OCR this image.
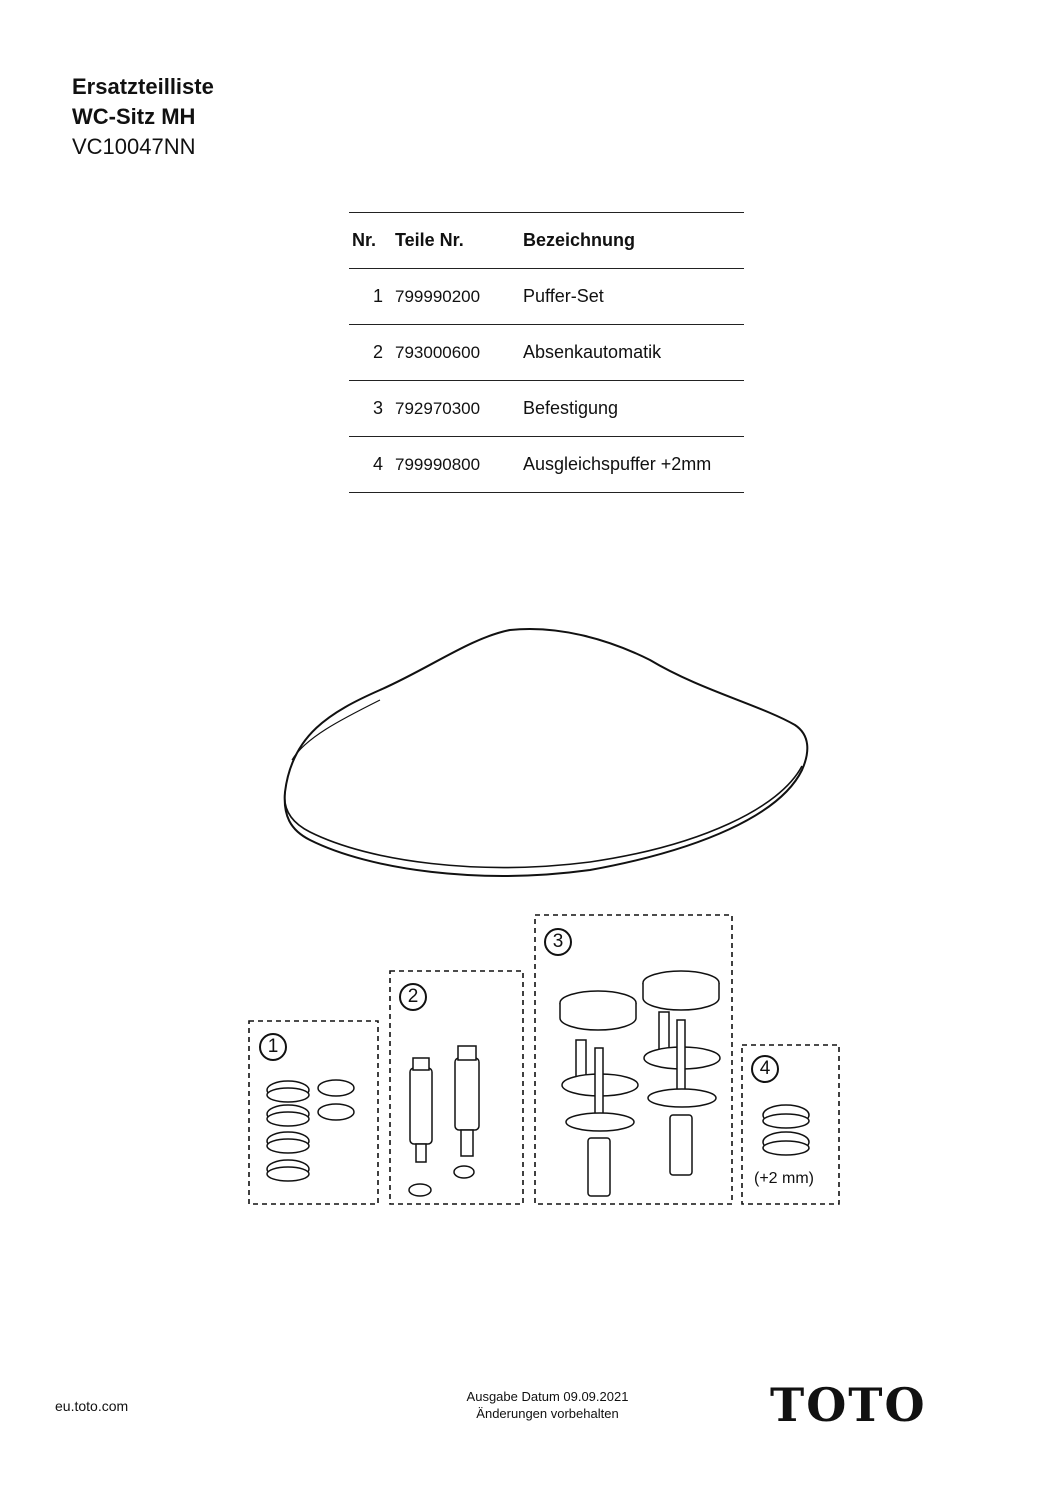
Ersatzteilliste
WC-Sitz MH
VC10047NN
Nr.	Teile Nr.	Bezeichnung
1	799990200	Puffer-Set
2	793000600	Absenkautomatik
3	792970300	Befestigung
4	799990800	Ausgleichspuffer +2mm
1
2
3
4
(+2 mm)
eu.toto.com
Ausgabe Datum 09.09.2021
Änderungen vorbehalten	TOTO
